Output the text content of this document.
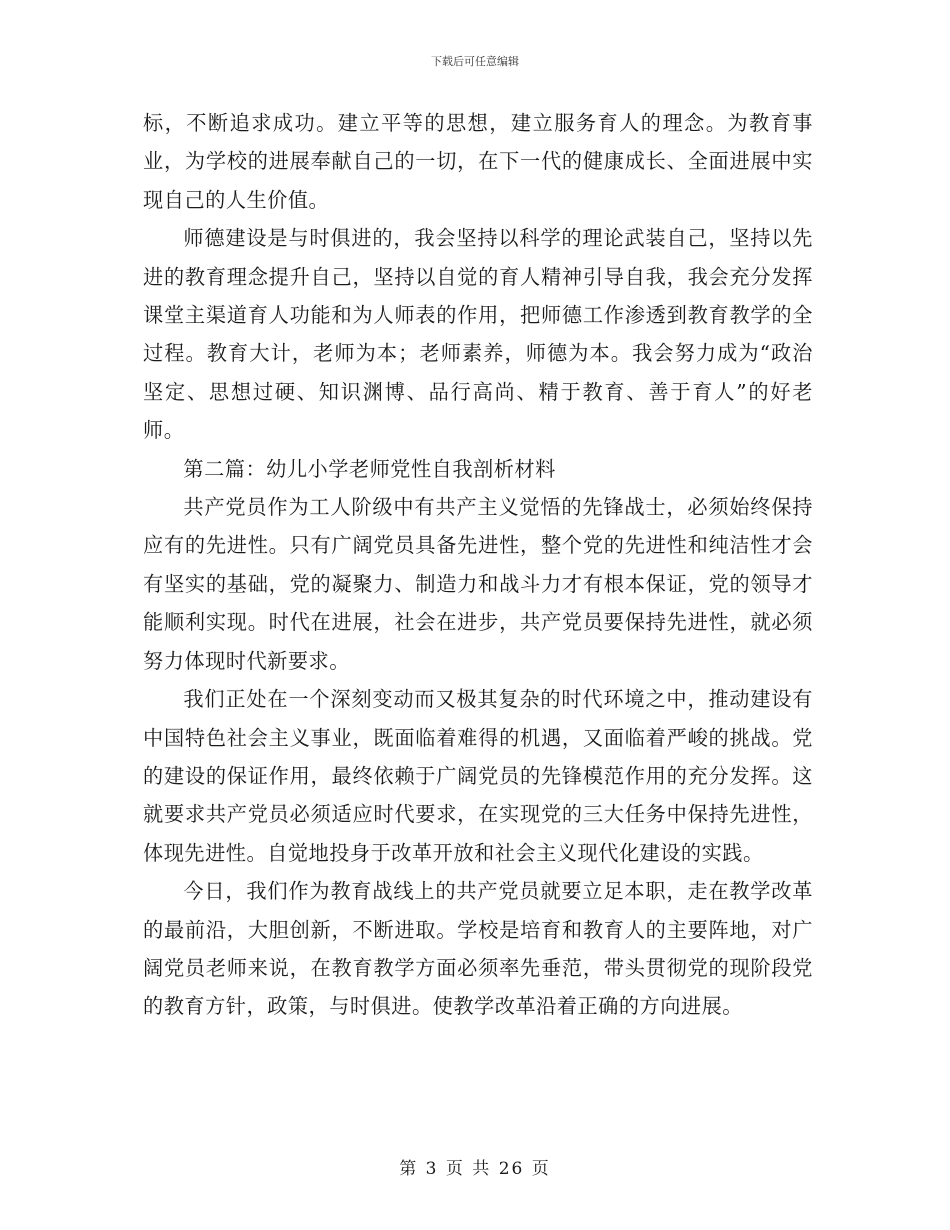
下载后可任意编辑

标，不断追求成功。建立平等的思想，建立服务育人的理念。为教育事业，为学校的进展奉献自己的一切，在下一代的健康成长、全面进展中实现自己的人生价值。

师德建设是与时俱进的，我会坚持以科学的理论武装自己，坚持以先进的教育理念提升自己，坚持以自觉的育人精神引导自我，我会充分发挥课堂主渠道育人功能和为人师表的作用，把师德工作渗透到教育教学的全过程。教育大计，老师为本；老师素养，师德为本。我会努力成为“政治坚定、思想过硬、知识渊博、品行高尚、精于教育、善于育人”的好老师。

第二篇：幼儿小学老师党性自我剖析材料

共产党员作为工人阶级中有共产主义觉悟的先锋战士，必须始终保持应有的先进性。只有广阔党员具备先进性，整个党的先进性和纯洁性才会有坚实的基础，党的凝聚力、制造力和战斗力才有根本保证，党的领导才能顺利实现。时代在进展，社会在进步，共产党员要保持先进性，就必须努力体现时代新要求。

我们正处在一个深刻变动而又极其复杂的时代环境之中，推动建设有中国特色社会主义事业，既面临着难得的机遇，又面临着严峻的挑战。党的建设的保证作用，最终依赖于广阔党员的先锋模范作用的充分发挥。这就要求共产党员必须适应时代要求，在实现党的三大任务中保持先进性，体现先进性。自觉地投身于改革开放和社会主义现代化建设的实践。

今日，我们作为教育战线上的共产党员就要立足本职，走在教学改革的最前沿，大胆创新，不断进取。学校是培育和教育人的主要阵地，对广阔党员老师来说，在教育教学方面必须率先垂范，带头贯彻党的现阶段党的教育方针，政策，与时俱进。使教学改革沿着正确的方向进展。

第 3 页 共 26 页
